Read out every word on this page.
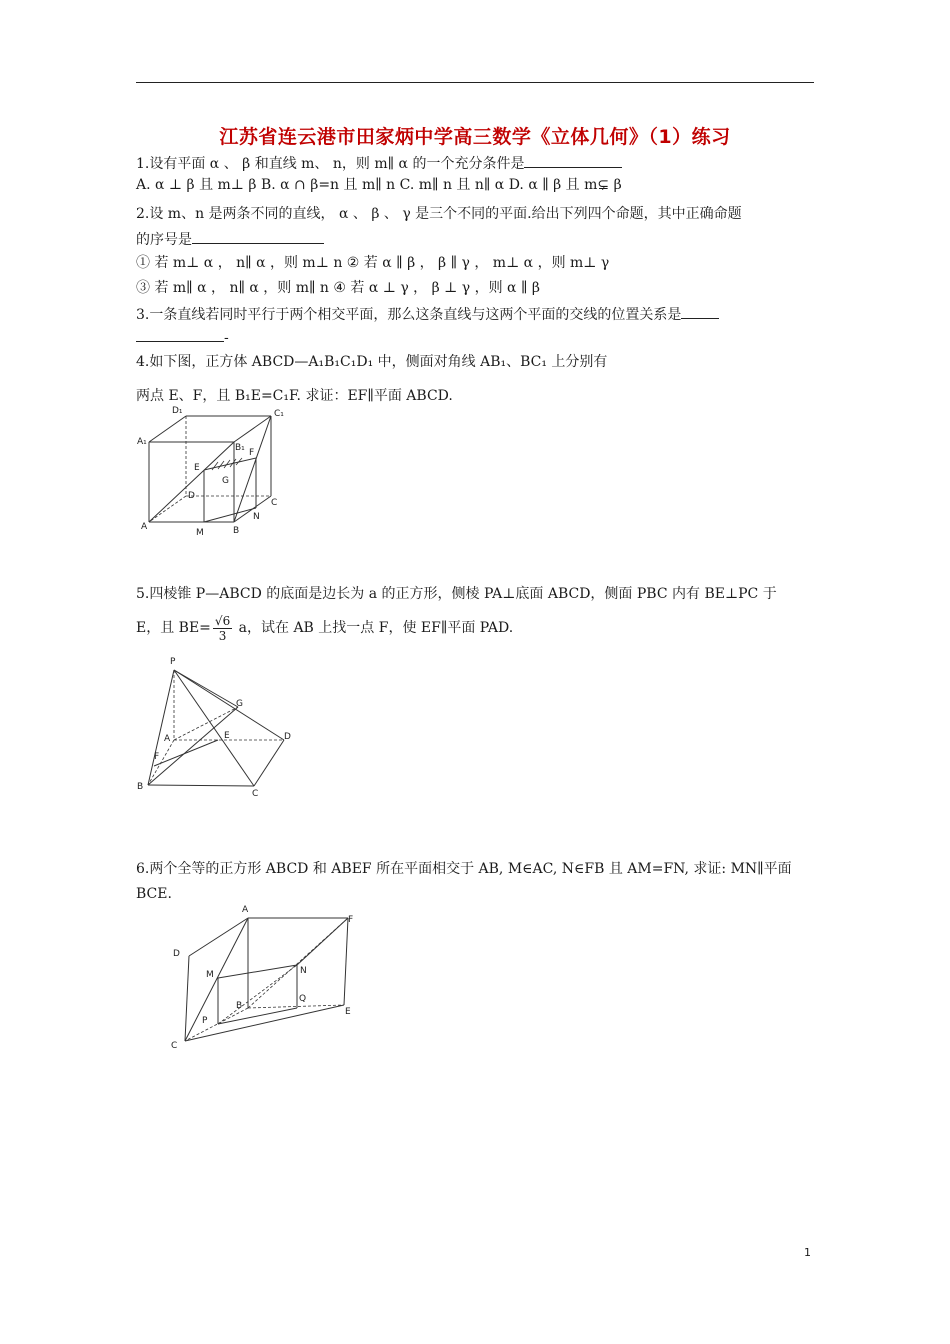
江苏省连云港市田家炳中学高三数学《立体几何》（1）练习
1.设有平面 α 、 β 和直线 m、 n，则 m∥ α 的一个充分条件是
A. α ⊥ β 且 m⊥ β B. α ∩ β=n 且 m∥ n C. m∥ n 且 n∥ α D. α ∥ β 且 m⊊ β
2.设 m、n 是两条不同的直线， α 、 β 、 γ 是三个不同的平面.给出下列四个命题，其中正确命题
的序号是
① 若 m⊥ α ， n∥ α ，则 m⊥ n ② 若 α ∥ β ， β ∥ γ ， m⊥ α ，则 m⊥ γ
③ 若 m∥ α ， n∥ α ，则 m∥ n ④ 若 α ⊥ γ ， β ⊥ γ ，则 α ∥ β
3.一条直线若同时平行于两个相交平面，那么这条直线与这两个平面的交线的位置关系是
-
4.如下图，正方体 ABCD—A₁B₁C₁D₁ 中，侧面对角线 AB₁、BC₁ 上分别有
两点 E、F，且 B₁E=C₁F. 求证：EF∥平面 ABCD.
D₁	C₁
A₁
B₁
E
F
G
D
C
A
M	B
N
5.四棱锥 P—ABCD 的底面是边长为 a 的正方形，侧棱 PA⊥底面 ABCD，侧面 PBC 内有 BE⊥PC 于
E，且 $BE= \frac{√6}{3}$ a，试在 AB 上找一点 F，使 EF∥平面 PAD.
P
G
A	E	D
F
B
C
6.两个全等的正方形 ABCD 和 ABEF 所在平面相交于 AB, M∈AC, N∈FB 且 AM=FN, 求证: MN∥平面
BCE.
A
F
D
M	N
B
Q
E
P
C
1
